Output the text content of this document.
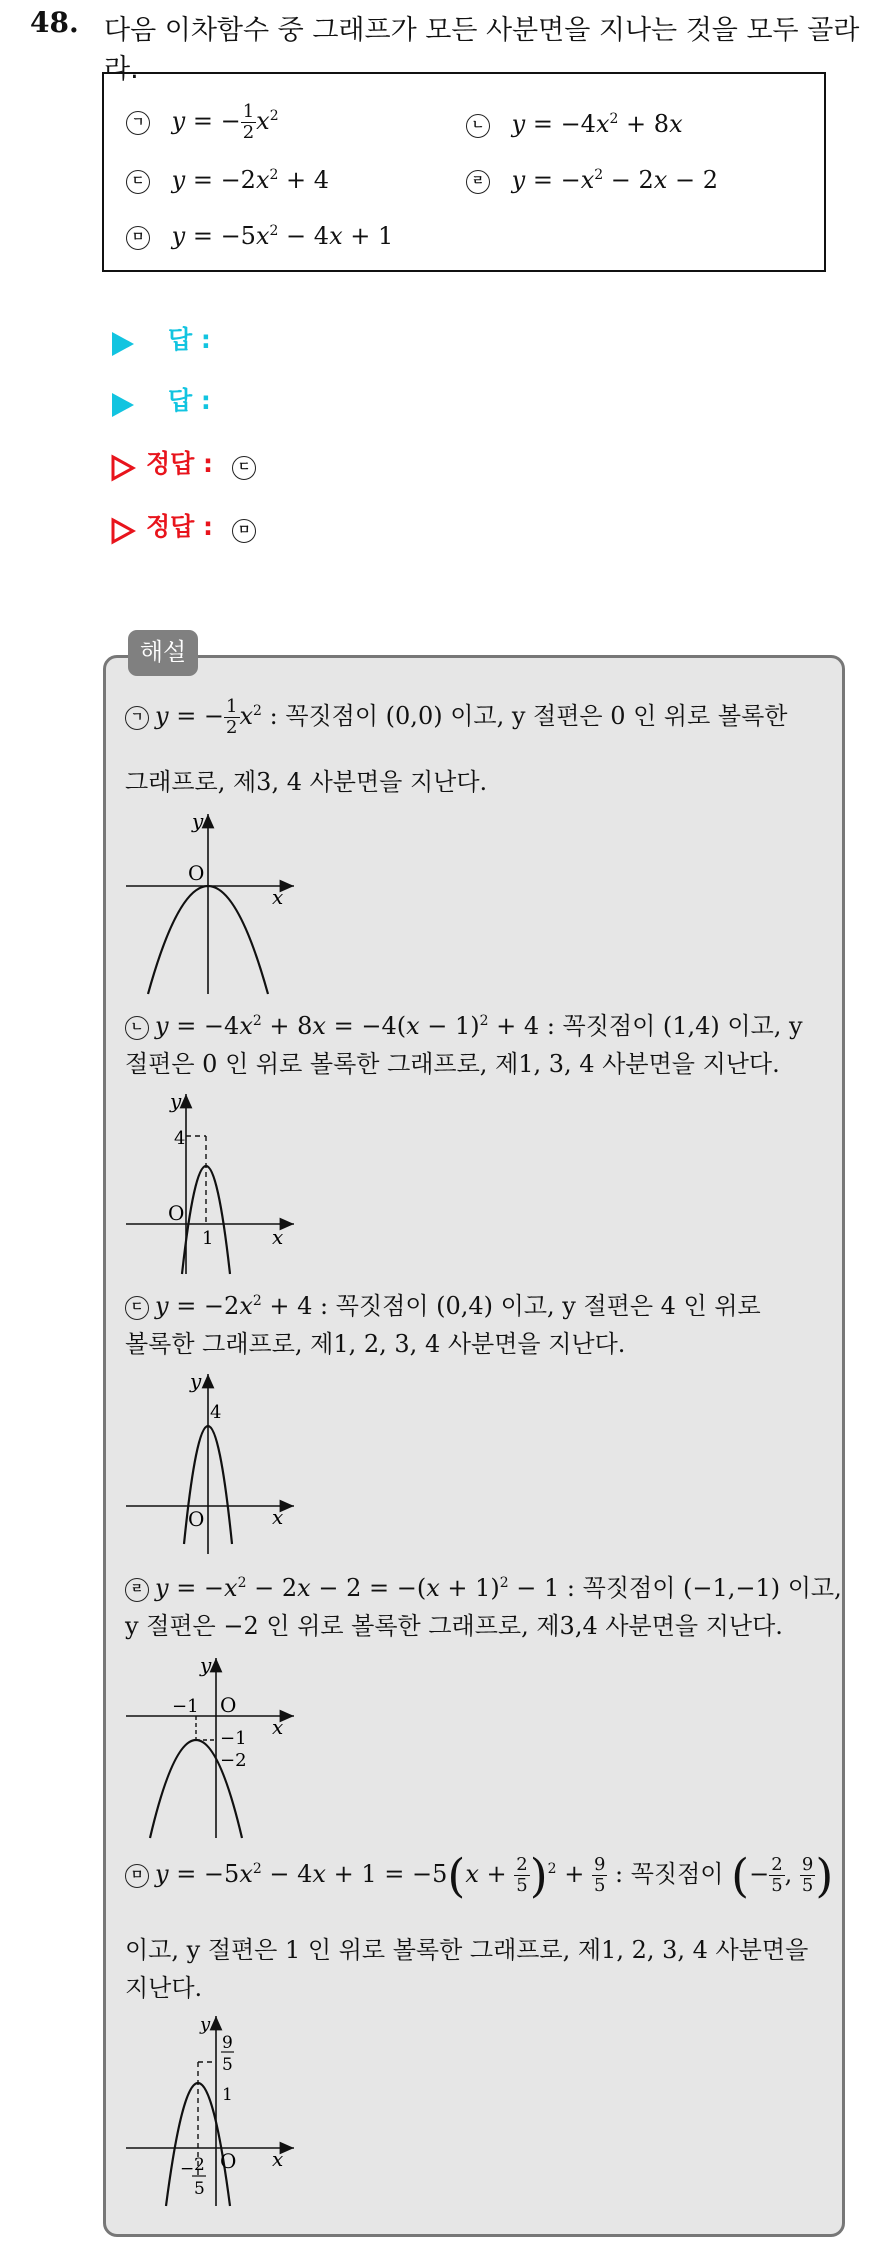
48. 다음 이차함수 중 그래프가 모든 사분면을 지나는 것을 모두 골라라.
ㄱ y = − $\frac{1}{2} x^2$
ㄴ $y = -4x^2 + 8x$
ㄷ $y = -2x^2 + 4$	ㄹ $y = -x^2 - 2x - 2$
ㅁ $y = -5x^2 - 4x + 1$
답 :
답 :
정답 : ㄷ
정답 : ㅁ
해설
ㄱ y = − $\frac{1}{2} x^2$ : 꼭짓점이 (0,0) 이고, y 절편은 0 인 위로 볼록한
그래프로, 제3, 4 사분면을 지난다.
y
x
O
ㄴ $y = -4x^2 + 8x = -4(x - 1)^2 + 4$ : 꼭짓점이 (1,4) 이고, y
절편은 0 인 위로 볼록한 그래프로, 제1, 3, 4 사분면을 지난다.
y
x
O
4
1
ㄷ $y = -2x^2 + 4$ : 꼭짓점이 (0,4) 이고, y 절편은 4 인 위로
볼록한 그래프로, 제1, 2, 3, 4 사분면을 지난다.
y
x
O
4
ㄹ $y = -x^2 - 2x - 2 = -(x + 1)^2 - 1$ : 꼭짓점이 (−1,−1) 이고,
y 절편은 −2 인 위로 볼록한 그래프로, 제3,4 사분면을 지난다.
y
x
O
−1
−1
−2
ㅁ $y = -5x^2 - 4x + 1 = -5(x + \frac{2}{5} )^2 + \frac{9}{5}$ : 꼭짓점이 (− $\frac{2}{5}$ , $\frac{9}{5}$ )
이고, y 절편은 1 인 위로 볼록한 그래프로, 제1, 2, 3, 4 사분면을
지난다.
y
x
O
9
5
1
− 2
5
